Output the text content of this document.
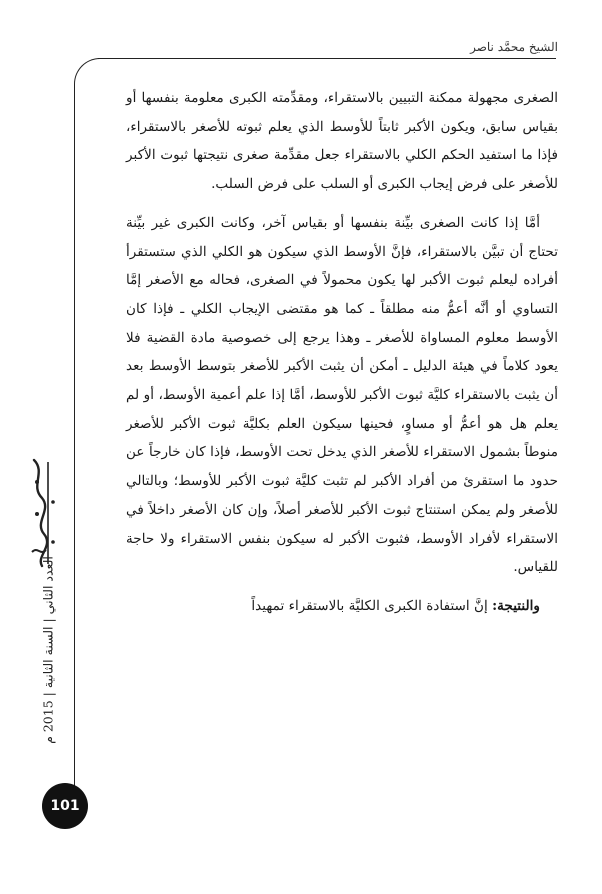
الشيخ محمَّد ناصر

الصغرى مجهولة ممكنة التبيين بالاستقراء، ومقدِّمته الكبرى معلومة بنفسها أو بقياس سابق، ويكون الأكبر ثابتاً للأوسط الذي يعلم ثبوته للأصغر بالاستقراء، فإذا ما استفيد الحكم الكلي بالاستقراء جعل مقدِّمة صغرى نتيجتها ثبوت الأكبر للأصغر على فرض إيجاب الكبرى أو السلب على فرض السلب.

أمَّا إذا كانت الصغرى بيِّنة بنفسها أو بقياس آخر، وكانت الكبرى غير بيِّنة تحتاج أن تبيَّن بالاستقراء، فإنَّ الأوسط الذي سيكون هو الكلي الذي ستستقرأ أفراده ليعلم ثبوت الأكبر لها يكون محمولاً في الصغرى، فحاله مع الأصغر إمَّا التساوي أو أنَّه أعمُّ منه مطلقاً ـ كما هو مقتضى الإيجاب الكلي ـ فإذا كان الأوسط معلوم المساواة للأصغر ـ وهذا يرجع إلى خصوصية مادة القضية فلا يعود كلاماً في هيئة الدليل ـ أمكن أن يثبت الأكبر للأصغر بتوسط الأوسط بعد أن يثبت بالاستقراء كليَّة ثبوت الأكبر للأوسط، أمَّا إذا علم أعمية الأوسط، أو لم يعلم هل هو أعمُّ أو مساوٍ، فحينها سيكون العلم بكليَّة ثبوت الأكبر للأصغر منوطاً بشمول الاستقراء للأصغر الذي يدخل تحت الأوسط، فإذا كان خارجاً عن حدود ما استقرئ من أفراد الأكبر لم تثبت كليَّة ثبوت الأكبر للأوسط؛ وبالتالي للأصغر ولم يمكن استنتاج ثبوت الأكبر للأصغر أصلاً، وإن كان الأصغر داخلاً في الاستقراء لأفراد الأوسط، فثبوت الأكبر له سيكون بنفس الاستقراء ولا حاجة للقياس.

والنتيجة: إنَّ استفادة الكبرى الكليَّة بالاستقراء تمهيداً

العدد الثاني | السنة الثانية | 2015 م
101
